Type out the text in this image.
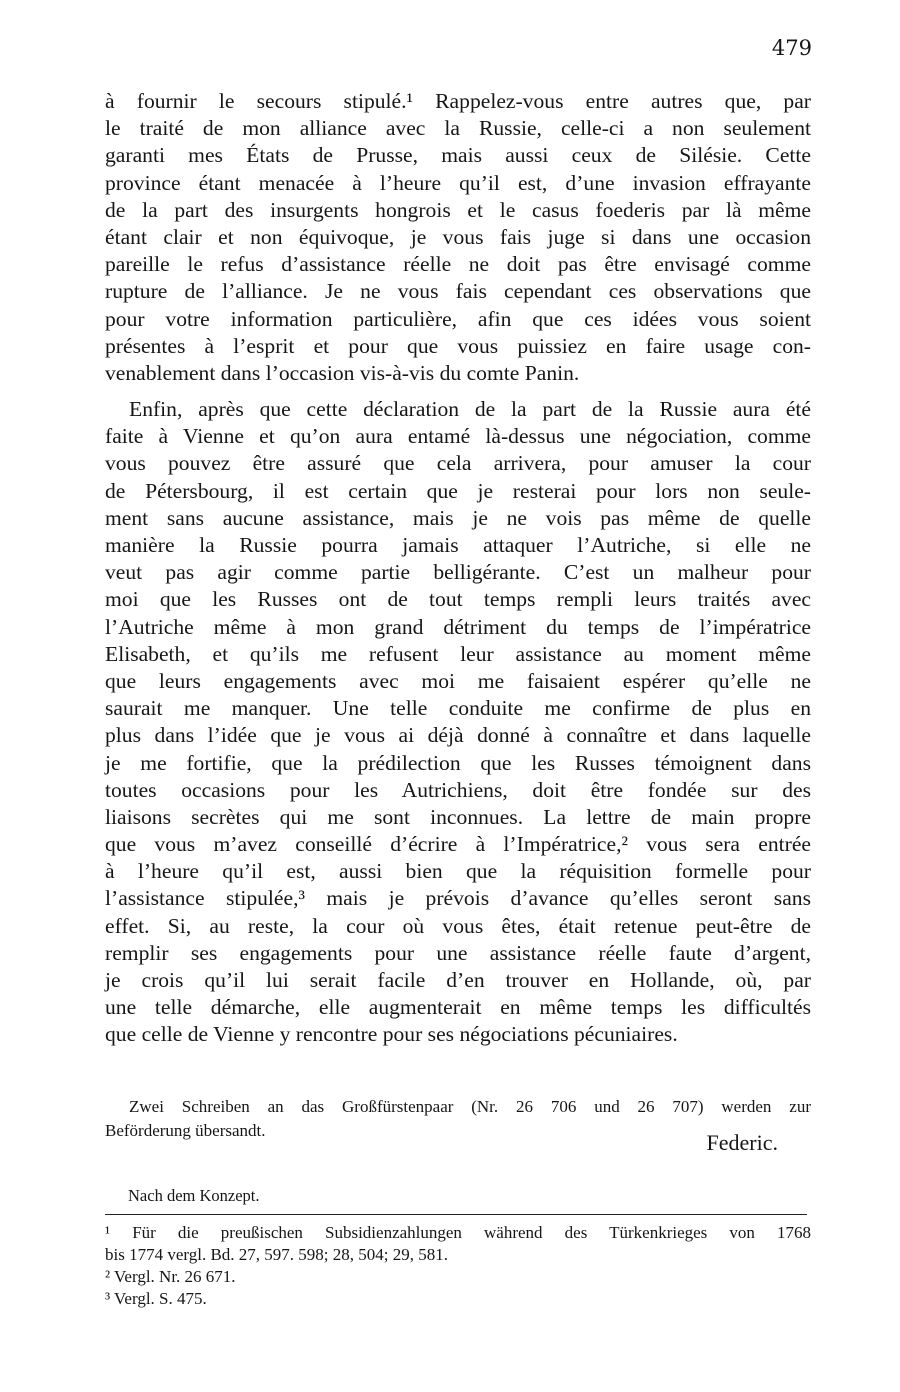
479
à fournir le secours stipulé.¹ Rappelez-vous entre autres que, par
le traité de mon alliance avec la Russie, celle-ci a non seulement
garanti mes États de Prusse, mais aussi ceux de Silésie. Cette
province étant menacée à l’heure qu’il est, d’une invasion effrayante
de la part des insurgents hongrois et le casus foederis par là même
étant clair et non équivoque, je vous fais juge si dans une occasion
pareille le refus d’assistance réelle ne doit pas être envisagé comme
rupture de l’alliance. Je ne vous fais cependant ces observations que
pour votre information particulière, afin que ces idées vous soient
présentes à l’esprit et pour que vous puissiez en faire usage con-
venablement dans l’occasion vis-à-vis du comte Panin.
Enfin, après que cette déclaration de la part de la Russie aura été
faite à Vienne et qu’on aura entamé là-dessus une négociation, comme
vous pouvez être assuré que cela arrivera, pour amuser la cour
de Pétersbourg, il est certain que je resterai pour lors non seule-
ment sans aucune assistance, mais je ne vois pas même de quelle
manière la Russie pourra jamais attaquer l’Autriche, si elle ne
veut pas agir comme partie belligérante. C’est un malheur pour
moi que les Russes ont de tout temps rempli leurs traités avec
l’Autriche même à mon grand détriment du temps de l’impératrice
Elisabeth, et qu’ils me refusent leur assistance au moment même
que leurs engagements avec moi me faisaient espérer qu’elle ne
saurait me manquer. Une telle conduite me confirme de plus en
plus dans l’idée que je vous ai déjà donné à connaître et dans laquelle
je me fortifie, que la prédilection que les Russes témoignent dans
toutes occasions pour les Autrichiens, doit être fondée sur des
liaisons secrètes qui me sont inconnues. La lettre de main propre
que vous m’avez conseillé d’écrire à l’Impératrice,² vous sera entrée
à l’heure qu’il est, aussi bien que la réquisition formelle pour
l’assistance stipulée,³ mais je prévois d’avance qu’elles seront sans
effet. Si, au reste, la cour où vous êtes, était retenue peut-être de
remplir ses engagements pour une assistance réelle faute d’argent,
je crois qu’il lui serait facile d’en trouver en Hollande, où, par
une telle démarche, elle augmenterait en même temps les difficultés
que celle de Vienne y rencontre pour ses négociations pécuniaires.
Zwei Schreiben an das Großfürstenpaar (Nr. 26 706 und 26 707) werden zur
Beförderung übersandt.	Federic.
Nach dem Konzept.
¹ Für die preußischen Subsidienzahlungen während des Türkenkrieges von 1768
bis 1774 vergl. Bd. 27, 597. 598; 28, 504; 29, 581.
² Vergl. Nr. 26 671.
³ Vergl. S. 475.
